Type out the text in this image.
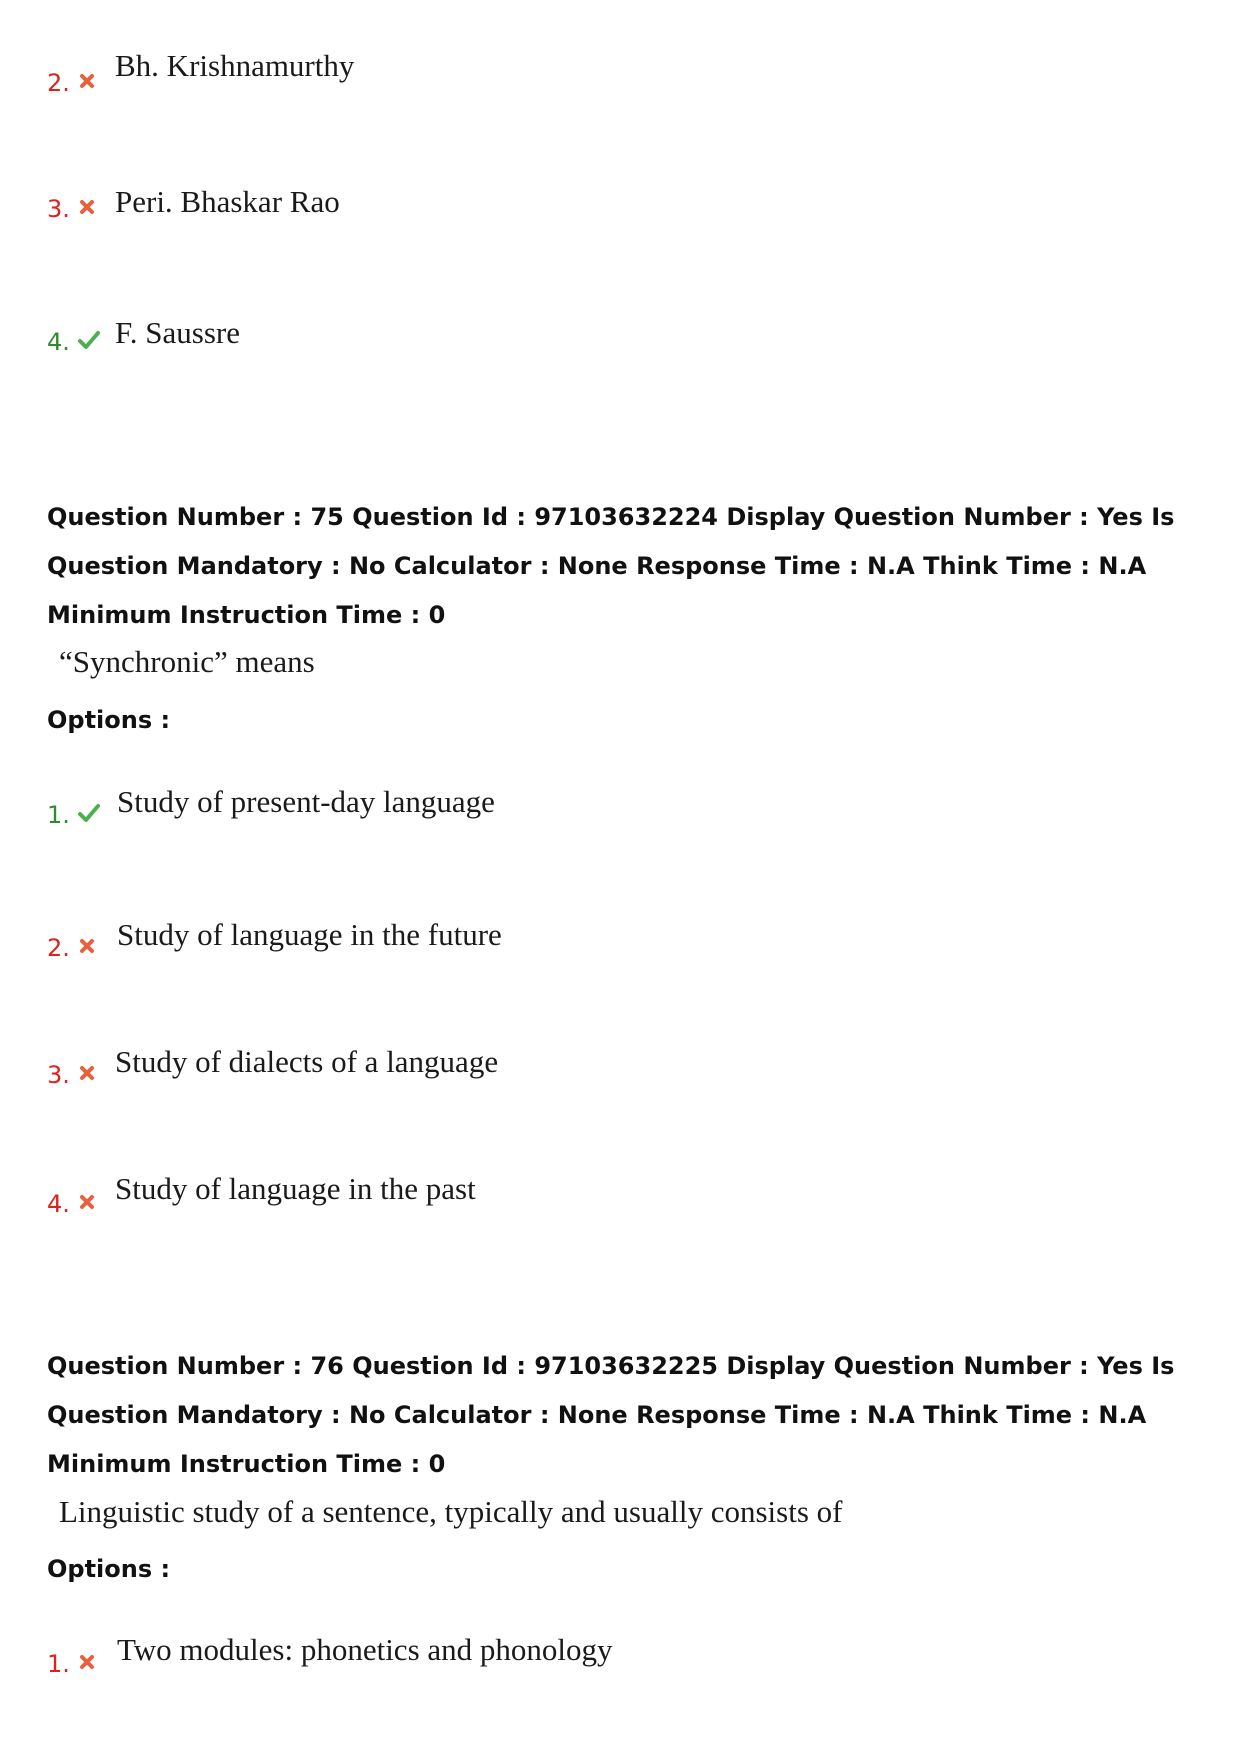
2. Bh. Krishnamurthy
3. Peri. Bhaskar Rao
4. F. Saussre
Question Number : 75 Question Id : 97103632224 Display Question Number : Yes Is Question Mandatory : No Calculator : None Response Time : N.A Think Time : N.A Minimum Instruction Time : 0
“Synchronic” means
Options :
1. Study of present-day language
2. Study of language in the future
3. Study of dialects of a language
4. Study of language in the past
Question Number : 76 Question Id : 97103632225 Display Question Number : Yes Is Question Mandatory : No Calculator : None Response Time : N.A Think Time : N.A Minimum Instruction Time : 0
Linguistic study of a sentence, typically and usually consists of
Options :
1. Two modules: phonetics and phonology
